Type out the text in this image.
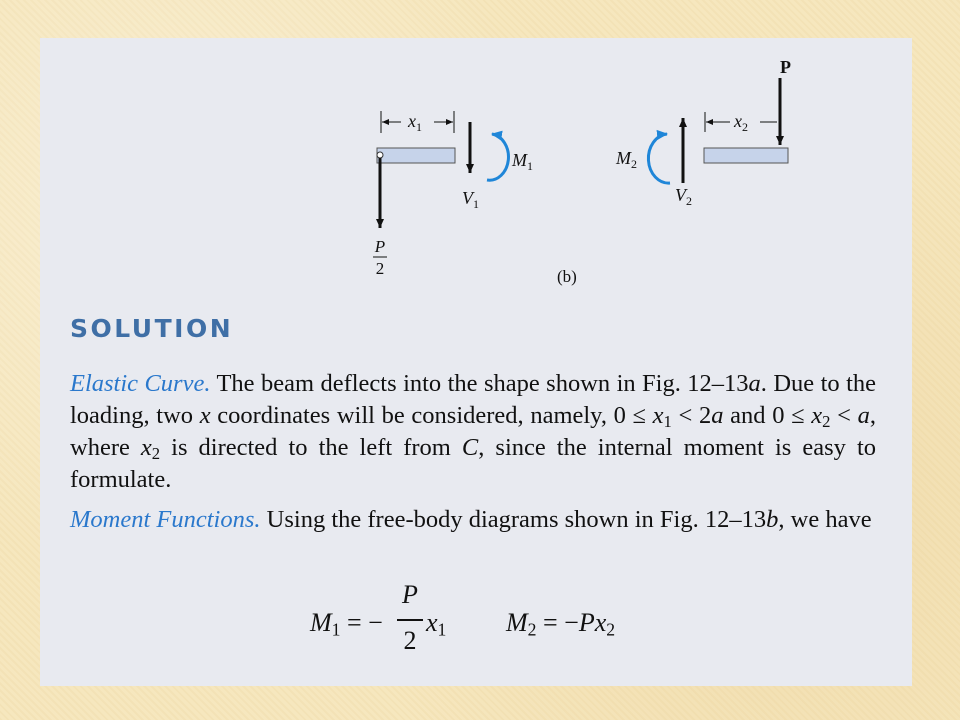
$x_1$
P
2
$V_1$
$M_1$
P
$x_2$
$V_2$
$M_2$
(b)
SOLUTION

Elastic Curve. The beam deflects into the shape shown in Fig. 12–13a. Due to the loading, two x coordinates will be considered, namely, $0 \le x_1 < 2a$ and $0 \le x_2 < a$, where $x_2$ is directed to the left from C, since the internal moment is easy to formulate.

Moment Functions. Using the free-body diagrams shown in Fig. 12–13b, we have

$M_1$ = −
P
2
$x_1$ $M_2 = -Px_2$
